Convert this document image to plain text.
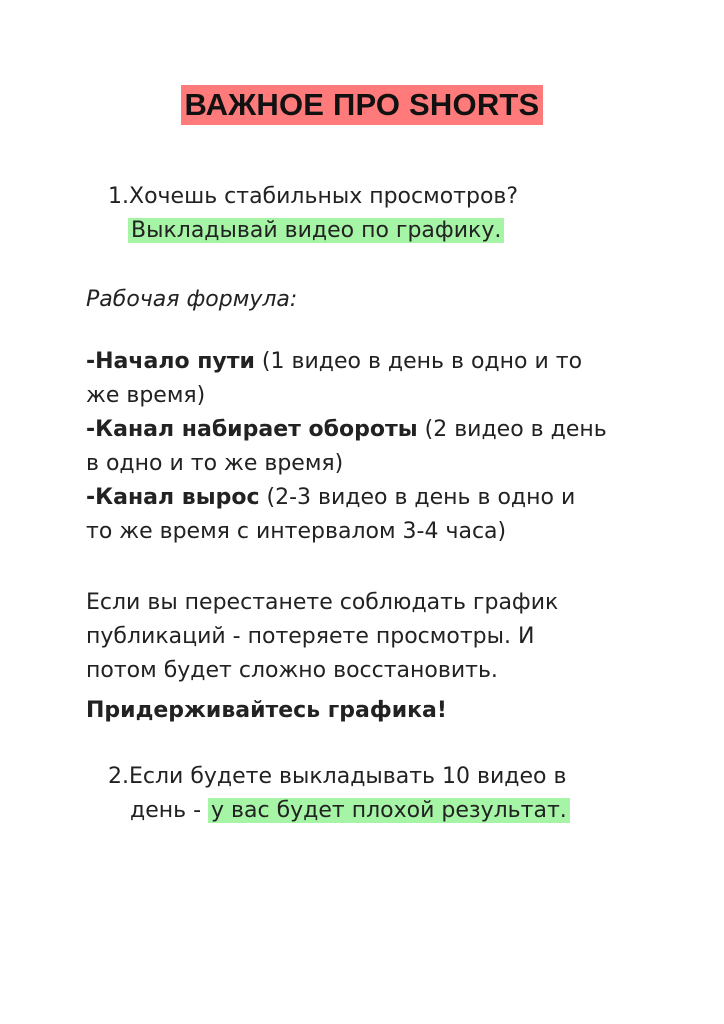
ВАЖНОЕ ПРО SHORTS
1.Хочешь стабильных просмотров?
Выкладывай видео по графику.
Рабочая формула:
-Начало пути (1 видео в день в одно и то
же время)
-Канал набирает обороты (2 видео в день
в одно и то же время)
-Канал вырос (2-3 видео в день в одно и
то же время с интервалом 3-4 часа)
Если вы перестанете соблюдать график
публикаций - потеряете просмотры. И
потом будет сложно восстановить.
Придерживайтесь графика!
2.Если будете выкладывать 10 видео в
день - у вас будет плохой результат.
